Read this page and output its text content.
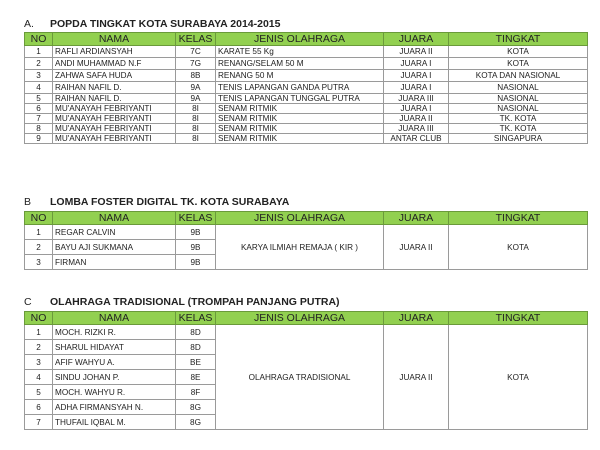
A. POPDA TINGKAT KOTA SURABAYA 2014-2015
NO	NAMA	KELAS	JENIS OLAHRAGA	JUARA	TINGKAT
1	RAFLI ARDIANSYAH	7C	KARATE 55 Kg	JUARA II	KOTA
2	ANDI MUHAMMAD N.F	7G	RENANG/SELAM 50 M	JUARA I	KOTA
3	ZAHWA SAFA HUDA	8B	RENANG 50 M	JUARA I	KOTA DAN NASIONAL
4	RAIHAN NAFIL D.	9A	TENIS LAPANGAN GANDA PUTRA	JUARA I	NASIONAL
5	RAIHAN NAFIL D.	9A	TENIS LAPANGAN TUNGGAL PUTRA	JUARA III	NASIONAL
6	MU'ANAYAH FEBRIYANTI	8I	SENAM RITMIK	JUARA I	NASIONAL
7	MU'ANAYAH FEBRIYANTI	8I	SENAM RITMIK	JUARA II	TK. KOTA
8	MU'ANAYAH FEBRIYANTI	8I	SENAM RITMIK	JUARA III	TK. KOTA
9	MU'ANAYAH FEBRIYANTI	8I	SENAM RITMIK	ANTAR CLUB	SINGAPURA
B LOMBA FOSTER DIGITAL TK. KOTA SURABAYA
NO	NAMA	KELAS	JENIS OLAHRAGA	JUARA	TINGKAT
1	REGAR CALVIN	9B	KARYA ILMIAH REMAJA ( KIR )	JUARA II	KOTA
2	BAYU AJI SUKMANA	9B			
3	FIRMAN	9B			
C OLAHRAGA TRADISIONAL (TROMPAH PANJANG PUTRA)
NO	NAMA	KELAS	JENIS OLAHRAGA	JUARA	TINGKAT
1	MOCH. RIZKI R.	8D	OLAHRAGA TRADISIONAL	JUARA II	KOTA
2	SHARUL HIDAYAT	8D			
3	AFIF WAHYU A.	BE			
4	SINDU JOHAN P.	8E			
5	MOCH. WAHYU R.	8F			
6	ADHA FIRMANSYAH N.	8G			
7	THUFAIL IQBAL M.	8G			
